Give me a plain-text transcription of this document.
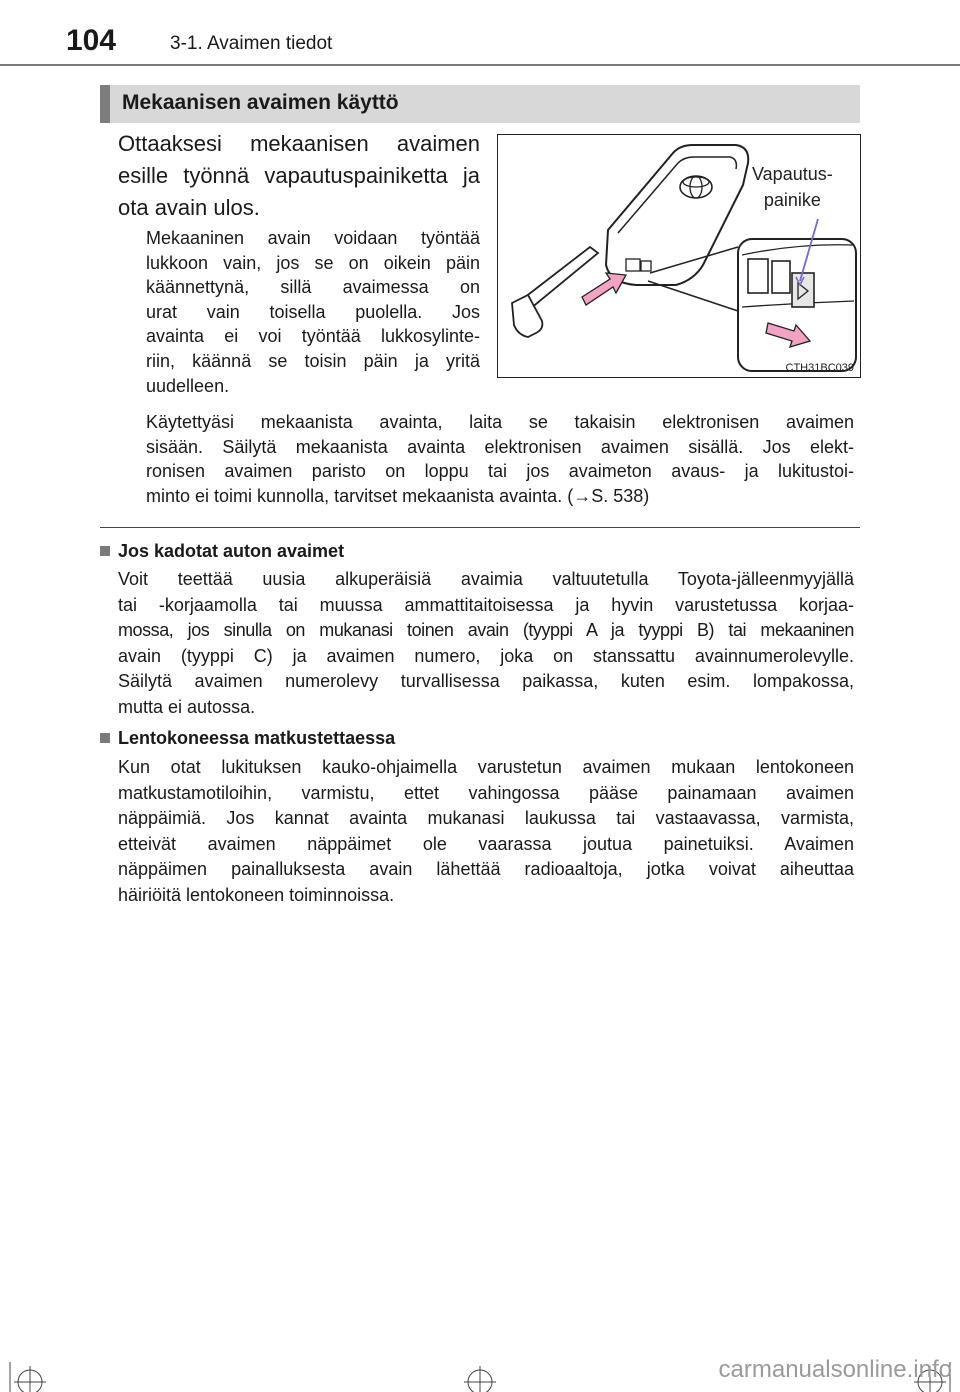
104	3-1. Avaimen tiedot
Mekaanisen avaimen käyttö
Ottaaksesi mekaanisen avaimen
esille työnnä vapautuspainiketta ja
ota avain ulos.
Mekaaninen avain voidaan työntää
lukkoon vain, jos se on oikein päin
käännettynä, sillä avaimessa on
urat vain toisella puolella. Jos
avainta ei voi työntää lukkosylinte-
riin, käännä se toisin päin ja yritä
uudelleen.
Vapautus-
painike
CTH31BC039
Käytettyäsi mekaanista avainta, laita se takaisin elektronisen avaimen
sisään. Säilytä mekaanista avainta elektronisen avaimen sisällä. Jos elekt-
ronisen avaimen paristo on loppu tai jos avaimeton avaus- ja lukitustoi-
minto ei toimi kunnolla, tarvitset mekaanista avainta. (→S. 538)
Jos kadotat auton avaimet
Voit teettää uusia alkuperäisiä avaimia valtuutetulla Toyota-jälleenmyyjällä
tai -korjaamolla tai muussa ammattitaitoisessa ja hyvin varustetussa korjaa-
mossa, jos sinulla on mukanasi toinen avain (tyyppi A ja tyyppi B) tai mekaaninen
avain (tyyppi C) ja avaimen numero, joka on stanssattu avainnumerolevylle.
Säilytä avaimen numerolevy turvallisessa paikassa, kuten esim. lompakossa,
mutta ei autossa.
Lentokoneessa matkustettaessa
Kun otat lukituksen kauko-ohjaimella varustetun avaimen mukaan lentokoneen
matkustamotiloihin, varmistu, ettet vahingossa pääse painamaan avaimen
näppäimiä. Jos kannat avainta mukanasi laukussa tai vastaavassa, varmista,
etteivät avaimen näppäimet ole vaarassa joutua painetuiksi. Avaimen
näppäimen painalluksesta avain lähettää radioaaltoja, jotka voivat aiheuttaa
häiriöitä lentokoneen toiminnoissa.
carmanualsonline.info
